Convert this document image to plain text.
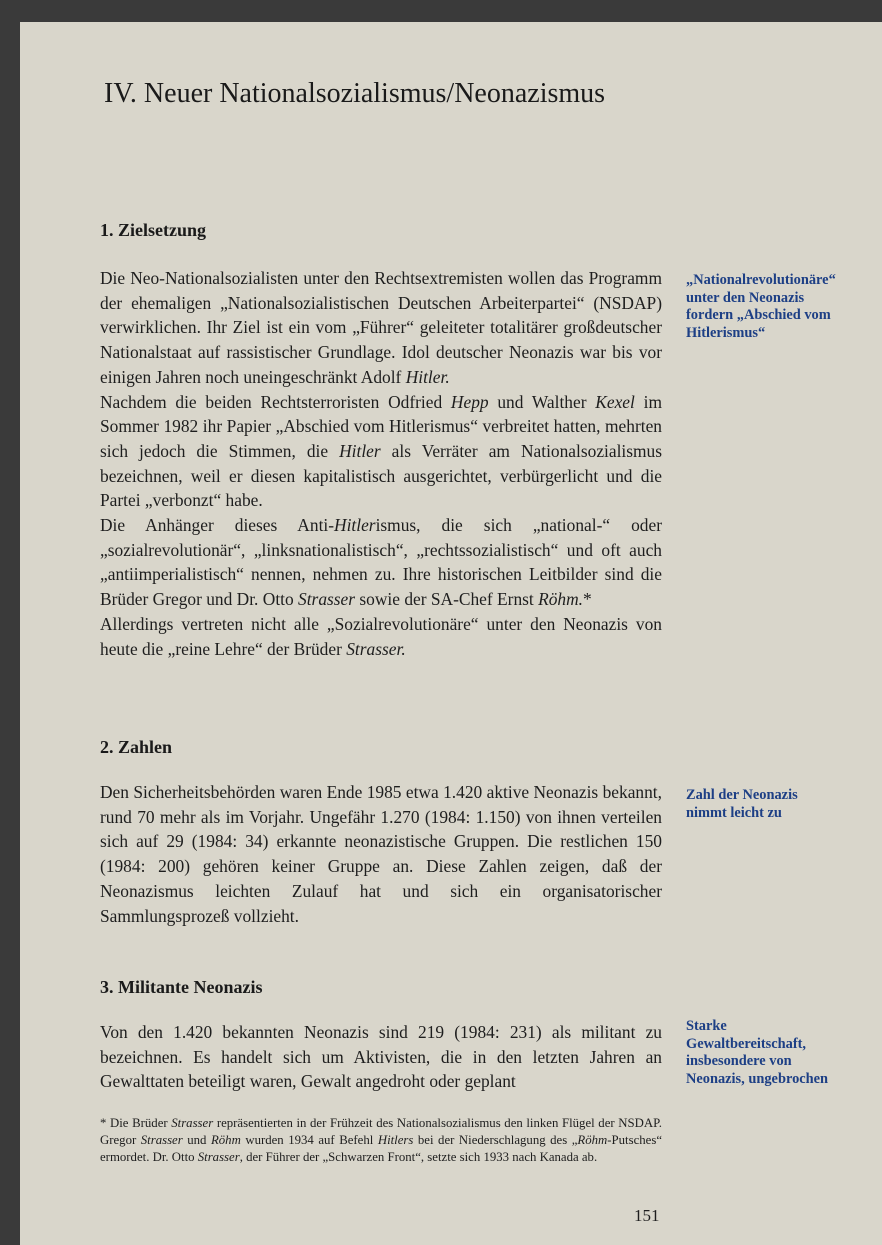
IV. Neuer Nationalsozialismus/Neonazismus
1. Zielsetzung

Die Neo-Nationalsozialisten unter den Rechtsextremisten wollen das Programm der ehemaligen „Nationalsozialistischen Deutschen Arbeiterpartei“ (NSDAP) verwirklichen. Ihr Ziel ist ein vom „Führer“ geleiteter totalitärer großdeutscher Nationalstaat auf rassistischer Grundlage. Idol deutscher Neonazis war bis vor einigen Jahren noch uneingeschränkt Adolf Hitler.

Nachdem die beiden Rechtsterroristen Odfried Hepp und Walther Kexel im Sommer 1982 ihr Papier „Abschied vom Hitlerismus“ verbreitet hatten, mehrten sich jedoch die Stimmen, die Hitler als Verräter am Nationalsozialismus bezeichnen, weil er diesen kapitalistisch ausgerichtet, verbürgerlicht und die Partei „verbonzt“ habe.

Die Anhänger dieses Anti-Hitlerismus, die sich „national-“ oder „sozialrevolutionär“, „linksnationalistisch“, „rechtssozialistisch“ und oft auch „antiimperialistisch“ nennen, nehmen zu. Ihre historischen Leitbilder sind die Brüder Gregor und Dr. Otto Strasser sowie der SA-Chef Ernst Röhm.*

Allerdings vertreten nicht alle „Sozialrevolutionäre“ unter den Neonazis von heute die „reine Lehre“ der Brüder Strasser.

„Nationalrevolutionäre“ unter den Neonazis fordern „Abschied vom Hitlerismus“
2. Zahlen

Den Sicherheitsbehörden waren Ende 1985 etwa 1.420 aktive Neonazis bekannt, rund 70 mehr als im Vorjahr. Ungefähr 1.270 (1984: 1.150) von ihnen verteilen sich auf 29 (1984: 34) erkannte neonazistische Gruppen. Die restlichen 150 (1984: 200) gehören keiner Gruppe an. Diese Zahlen zeigen, daß der Neonazismus leichten Zulauf hat und sich ein organisatorischer Sammlungsprozeß vollzieht.

Zahl der Neonazis nimmt leicht zu
3. Militante Neonazis

Von den 1.420 bekannten Neonazis sind 219 (1984: 231) als militant zu bezeichnen. Es handelt sich um Aktivisten, die in den letzten Jahren an Gewalttaten beteiligt waren, Gewalt angedroht oder geplant

Starke Gewaltbereitschaft, insbesondere von Neonazis, ungebrochen
* Die Brüder Strasser repräsentierten in der Frühzeit des Nationalsozialismus den linken Flügel der NSDAP. Gregor Strasser und Röhm wurden 1934 auf Befehl Hitlers bei der Niederschlagung des „Röhm-Putsches“ ermordet. Dr. Otto Strasser, der Führer der „Schwarzen Front“, setzte sich 1933 nach Kanada ab.
151
